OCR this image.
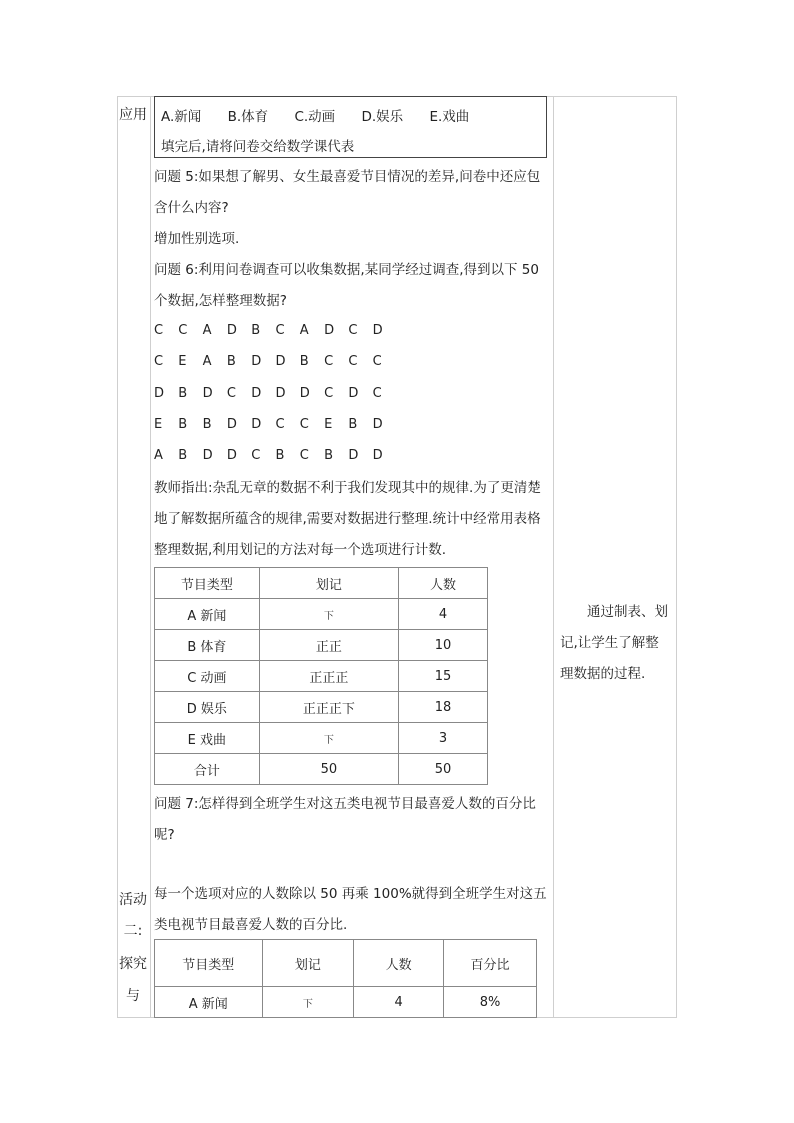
应用
活动
二:
探究
与
A.新闻 B.体育 C.动画 D.娱乐 E.戏曲
填完后,请将问卷交给数学课代表
问题 5:如果想了解男、女生最喜爱节目情况的差异,问卷中还应包含什么内容?
增加性别选项.
问题 6:利用问卷调查可以收集数据,某同学经过调查,得到以下 50 个数据,怎样整理数据?
C C A D B C A D C D
C E A B D D B C C C
D B D C D D D C D C
E B B D D C C E B D
A B D D C B C B D D
教师指出:杂乱无章的数据不利于我们发现其中的规律.为了更清楚地了解数据所蕴含的规律,需要对数据进行整理.统计中经常用表格整理数据,利用划记的方法对每一个选项进行计数.
节目类型	划记	人数
A 新闻	下	4
B 体育	正正	10
C 动画	正正正	15
D 娱乐	正正正下	18
E 戏曲	下	3
合计	50	50
问题 7:怎样得到全班学生对这五类电视节目最喜爱人数的百分比呢?
每一个选项对应的人数除以 50 再乘 100%就得到全班学生对这五类电视节目最喜爱人数的百分比.
节目类型	划记	人数	百分比
A 新闻	下	4	8%
通过制表、划记,让学生了解整理数据的过程.
